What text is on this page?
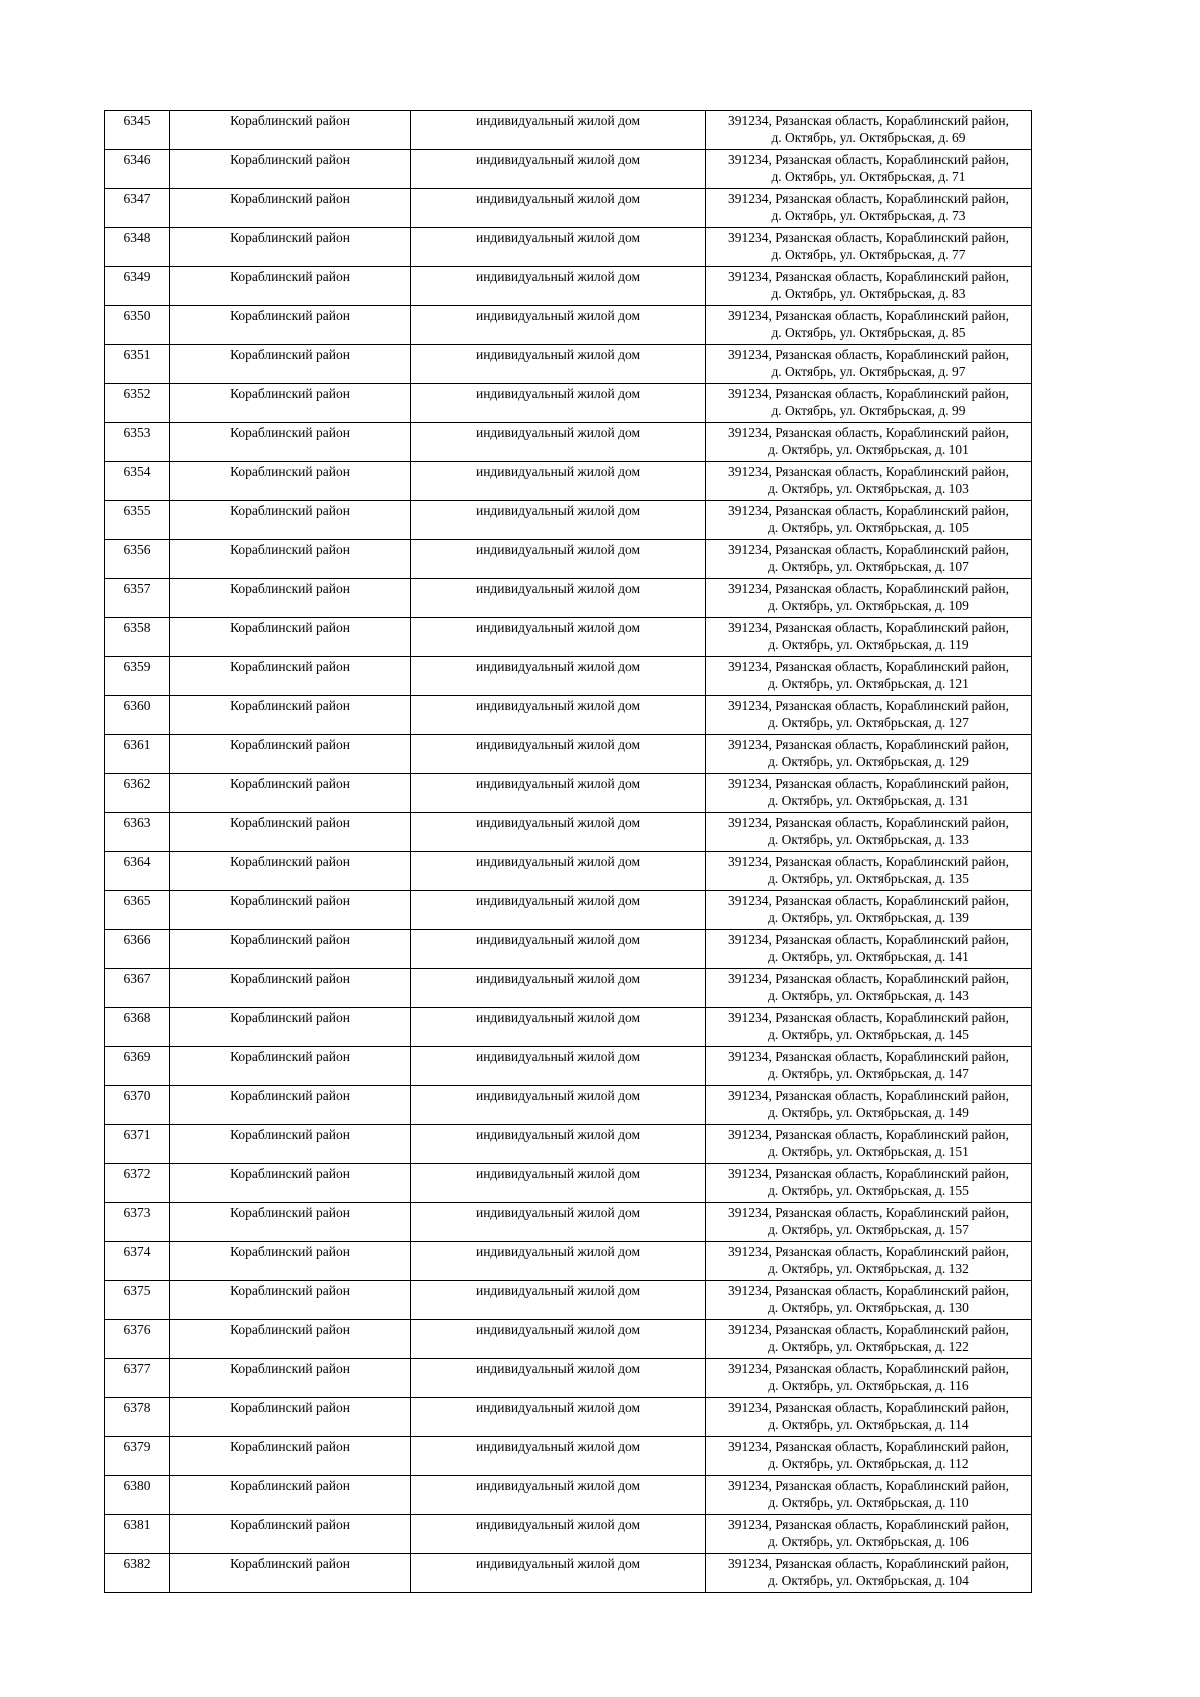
6345	Кораблинский район	индивидуальный жилой дом	391234, Рязанская область, Кораблинский район,
д. Октябрь, ул. Октябрьская, д. 69

6346	Кораблинский район	индивидуальный жилой дом	391234, Рязанская область, Кораблинский район,
д. Октябрь, ул. Октябрьская, д. 71

6347	Кораблинский район	индивидуальный жилой дом	391234, Рязанская область, Кораблинский район,
д. Октябрь, ул. Октябрьская, д. 73

6348	Кораблинский район	индивидуальный жилой дом	391234, Рязанская область, Кораблинский район,
д. Октябрь, ул. Октябрьская, д. 77

6349	Кораблинский район	индивидуальный жилой дом	391234, Рязанская область, Кораблинский район,
д. Октябрь, ул. Октябрьская, д. 83

6350	Кораблинский район	индивидуальный жилой дом	391234, Рязанская область, Кораблинский район,
д. Октябрь, ул. Октябрьская, д. 85

6351	Кораблинский район	индивидуальный жилой дом	391234, Рязанская область, Кораблинский район,
д. Октябрь, ул. Октябрьская, д. 97

6352	Кораблинский район	индивидуальный жилой дом	391234, Рязанская область, Кораблинский район,
д. Октябрь, ул. Октябрьская, д. 99

6353	Кораблинский район	индивидуальный жилой дом	391234, Рязанская область, Кораблинский район,
д. Октябрь, ул. Октябрьская, д. 101

6354	Кораблинский район	индивидуальный жилой дом	391234, Рязанская область, Кораблинский район,
д. Октябрь, ул. Октябрьская, д. 103

6355	Кораблинский район	индивидуальный жилой дом	391234, Рязанская область, Кораблинский район,
д. Октябрь, ул. Октябрьская, д. 105

6356	Кораблинский район	индивидуальный жилой дом	391234, Рязанская область, Кораблинский район,
д. Октябрь, ул. Октябрьская, д. 107

6357	Кораблинский район	индивидуальный жилой дом	391234, Рязанская область, Кораблинский район,
д. Октябрь, ул. Октябрьская, д. 109

6358	Кораблинский район	индивидуальный жилой дом	391234, Рязанская область, Кораблинский район,
д. Октябрь, ул. Октябрьская, д. 119

6359	Кораблинский район	индивидуальный жилой дом	391234, Рязанская область, Кораблинский район,
д. Октябрь, ул. Октябрьская, д. 121

6360	Кораблинский район	индивидуальный жилой дом	391234, Рязанская область, Кораблинский район,
д. Октябрь, ул. Октябрьская, д. 127

6361	Кораблинский район	индивидуальный жилой дом	391234, Рязанская область, Кораблинский район,
д. Октябрь, ул. Октябрьская, д. 129

6362	Кораблинский район	индивидуальный жилой дом	391234, Рязанская область, Кораблинский район,
д. Октябрь, ул. Октябрьская, д. 131

6363	Кораблинский район	индивидуальный жилой дом	391234, Рязанская область, Кораблинский район,
д. Октябрь, ул. Октябрьская, д. 133

6364	Кораблинский район	индивидуальный жилой дом	391234, Рязанская область, Кораблинский район,
д. Октябрь, ул. Октябрьская, д. 135

6365	Кораблинский район	индивидуальный жилой дом	391234, Рязанская область, Кораблинский район,
д. Октябрь, ул. Октябрьская, д. 139

6366	Кораблинский район	индивидуальный жилой дом	391234, Рязанская область, Кораблинский район,
д. Октябрь, ул. Октябрьская, д. 141

6367	Кораблинский район	индивидуальный жилой дом	391234, Рязанская область, Кораблинский район,
д. Октябрь, ул. Октябрьская, д. 143

6368	Кораблинский район	индивидуальный жилой дом	391234, Рязанская область, Кораблинский район,
д. Октябрь, ул. Октябрьская, д. 145

6369	Кораблинский район	индивидуальный жилой дом	391234, Рязанская область, Кораблинский район,
д. Октябрь, ул. Октябрьская, д. 147

6370	Кораблинский район	индивидуальный жилой дом	391234, Рязанская область, Кораблинский район,
д. Октябрь, ул. Октябрьская, д. 149

6371	Кораблинский район	индивидуальный жилой дом	391234, Рязанская область, Кораблинский район,
д. Октябрь, ул. Октябрьская, д. 151

6372	Кораблинский район	индивидуальный жилой дом	391234, Рязанская область, Кораблинский район,
д. Октябрь, ул. Октябрьская, д. 155

6373	Кораблинский район	индивидуальный жилой дом	391234, Рязанская область, Кораблинский район,
д. Октябрь, ул. Октябрьская, д. 157

6374	Кораблинский район	индивидуальный жилой дом	391234, Рязанская область, Кораблинский район,
д. Октябрь, ул. Октябрьская, д. 132

6375	Кораблинский район	индивидуальный жилой дом	391234, Рязанская область, Кораблинский район,
д. Октябрь, ул. Октябрьская, д. 130

6376	Кораблинский район	индивидуальный жилой дом	391234, Рязанская область, Кораблинский район,
д. Октябрь, ул. Октябрьская, д. 122

6377	Кораблинский район	индивидуальный жилой дом	391234, Рязанская область, Кораблинский район,
д. Октябрь, ул. Октябрьская, д. 116

6378	Кораблинский район	индивидуальный жилой дом	391234, Рязанская область, Кораблинский район,
д. Октябрь, ул. Октябрьская, д. 114

6379	Кораблинский район	индивидуальный жилой дом	391234, Рязанская область, Кораблинский район,
д. Октябрь, ул. Октябрьская, д. 112

6380	Кораблинский район	индивидуальный жилой дом	391234, Рязанская область, Кораблинский район,
д. Октябрь, ул. Октябрьская, д. 110

6381	Кораблинский район	индивидуальный жилой дом	391234, Рязанская область, Кораблинский район,
д. Октябрь, ул. Октябрьская, д. 106

6382	Кораблинский район	индивидуальный жилой дом	391234, Рязанская область, Кораблинский район,
д. Октябрь, ул. Октябрьская, д. 104
